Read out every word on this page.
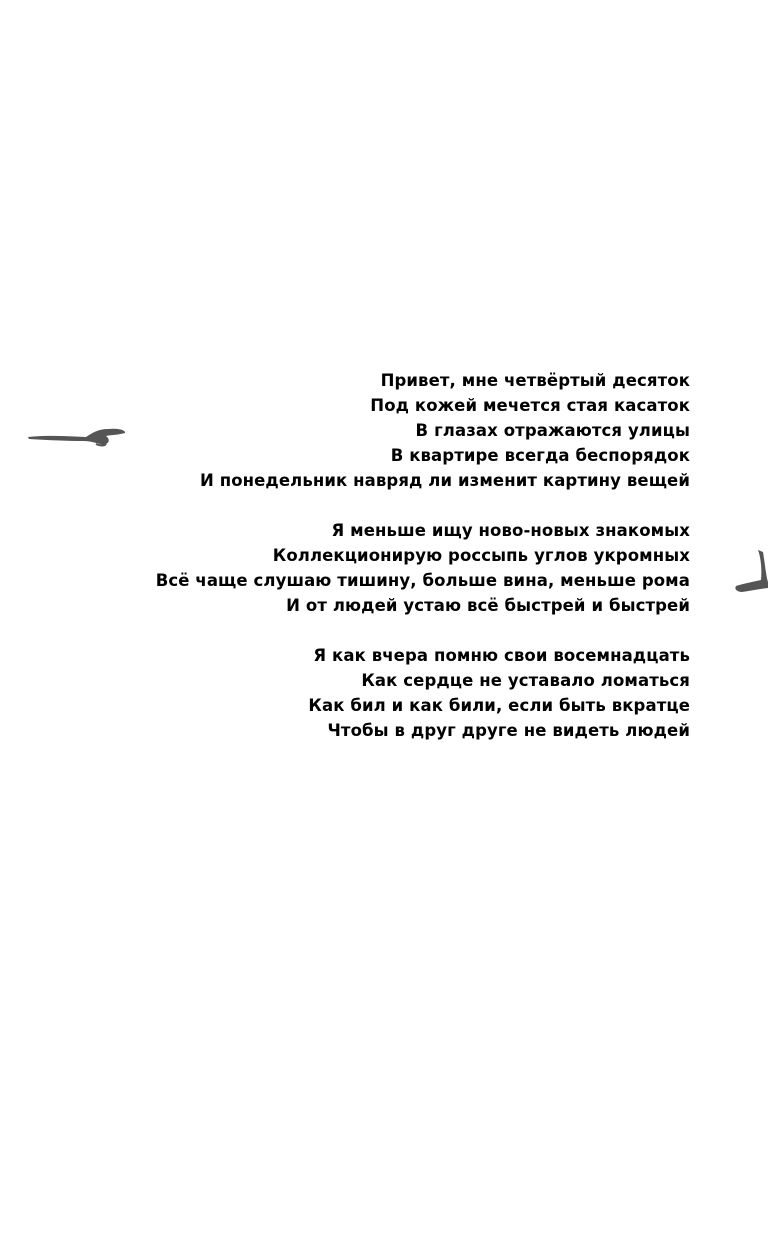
Привет, мне четвёртый десяток
Под кожей мечется стая касаток
В глазах отражаются улицы
В квартире всегда беспорядок
И понедельник навряд ли изменит картину вещей
Я меньше ищу ново-новых знакомых
Коллекционирую россыпь углов укромных
Всё чаще слушаю тишину, больше вина, меньше рома
И от людей устаю всё быстрей и быстрей
Я как вчера помню свои восемнадцать
Как сердце не уставало ломаться
Как бил и как били, если быть вкратце
Чтобы в друг друге не видеть людей
